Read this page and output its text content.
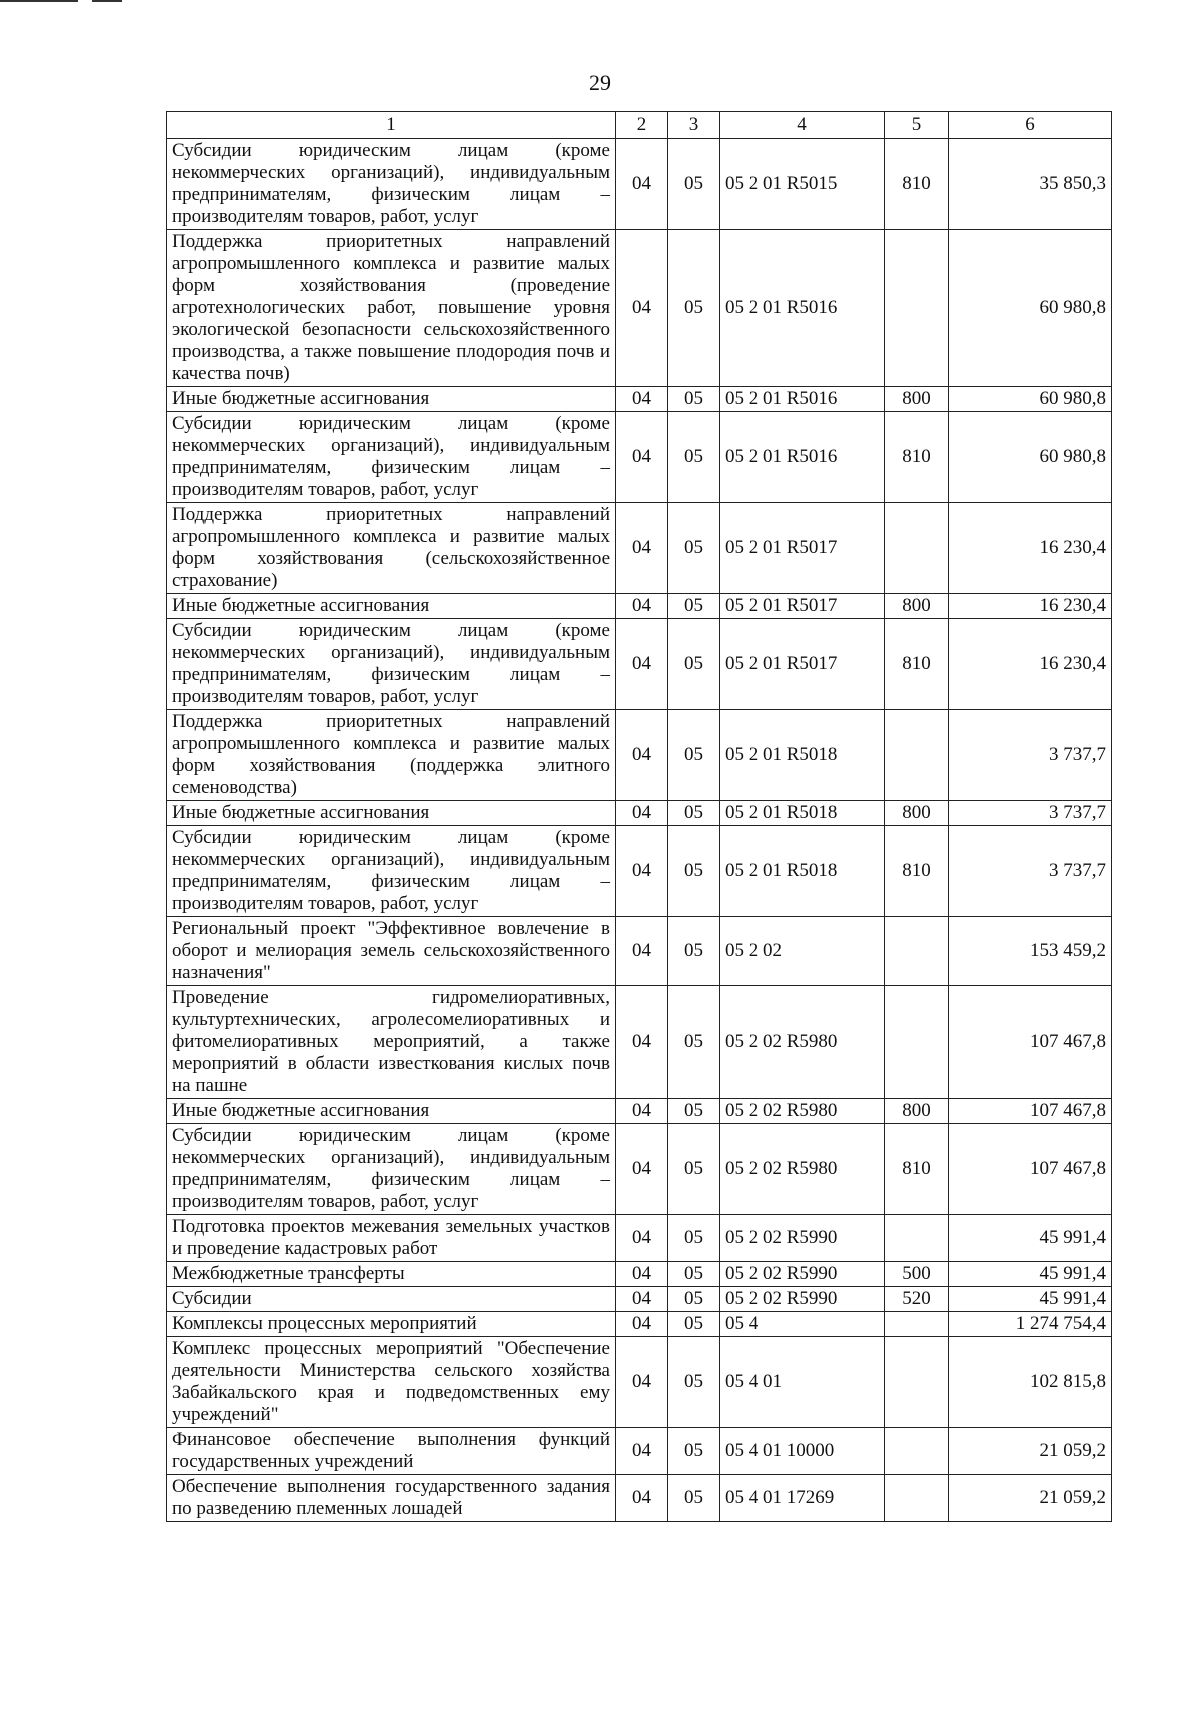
29
1	2	3	4	5	6
Субсидии юридическим лицам (кроме некоммерческих организаций), индивидуальным предпринимателям, физическим лицам – производителям товаров, работ, услуг	04	05	05 2 01 R5015	810	35 850,3
Поддержка приоритетных направлений агропромышленного комплекса и развитие малых форм хозяйствования (проведение агротехнологических работ, повышение уровня экологической безопасности сельскохозяйственного производства, а также повышение плодородия почв и качества почв)	04	05	05 2 01 R5016		60 980,8
Иные бюджетные ассигнования	04	05	05 2 01 R5016	800	60 980,8
Субсидии юридическим лицам (кроме некоммерческих организаций), индивидуальным предпринимателям, физическим лицам – производителям товаров, работ, услуг	04	05	05 2 01 R5016	810	60 980,8
Поддержка приоритетных направлений агропромышленного комплекса и развитие малых форм хозяйствования (сельскохозяйственное страхование)	04	05	05 2 01 R5017		16 230,4
Иные бюджетные ассигнования	04	05	05 2 01 R5017	800	16 230,4
Субсидии юридическим лицам (кроме некоммерческих организаций), индивидуальным предпринимателям, физическим лицам – производителям товаров, работ, услуг	04	05	05 2 01 R5017	810	16 230,4
Поддержка приоритетных направлений агропромышленного комплекса и развитие малых форм хозяйствования (поддержка элитного семеноводства)	04	05	05 2 01 R5018		3 737,7
Иные бюджетные ассигнования	04	05	05 2 01 R5018	800	3 737,7
Субсидии юридическим лицам (кроме некоммерческих организаций), индивидуальным предпринимателям, физическим лицам – производителям товаров, работ, услуг	04	05	05 2 01 R5018	810	3 737,7
Региональный проект "Эффективное вовлечение в оборот и мелиорация земель сельскохозяйственного назначения"	04	05	05 2 02		153 459,2
Проведение гидромелиоративных, культуртехнических, агролесомелиоративных и фитомелиоративных мероприятий, а также мероприятий в области известкования кислых почв на пашне	04	05	05 2 02 R5980		107 467,8
Иные бюджетные ассигнования	04	05	05 2 02 R5980	800	107 467,8
Субсидии юридическим лицам (кроме некоммерческих организаций), индивидуальным предпринимателям, физическим лицам – производителям товаров, работ, услуг	04	05	05 2 02 R5980	810	107 467,8
Подготовка проектов межевания земельных участков и проведение кадастровых работ	04	05	05 2 02 R5990		45 991,4
Межбюджетные трансферты	04	05	05 2 02 R5990	500	45 991,4
Субсидии	04	05	05 2 02 R5990	520	45 991,4
Комплексы процессных мероприятий	04	05	05 4		1 274 754,4
Комплекс процессных мероприятий "Обеспечение деятельности Министерства сельского хозяйства Забайкальского края и подведомственных ему учреждений"	04	05	05 4 01		102 815,8
Финансовое обеспечение выполнения функций государственных учреждений	04	05	05 4 01 10000		21 059,2
Обеспечение выполнения государственного задания по разведению племенных лошадей	04	05	05 4 01 17269		21 059,2
